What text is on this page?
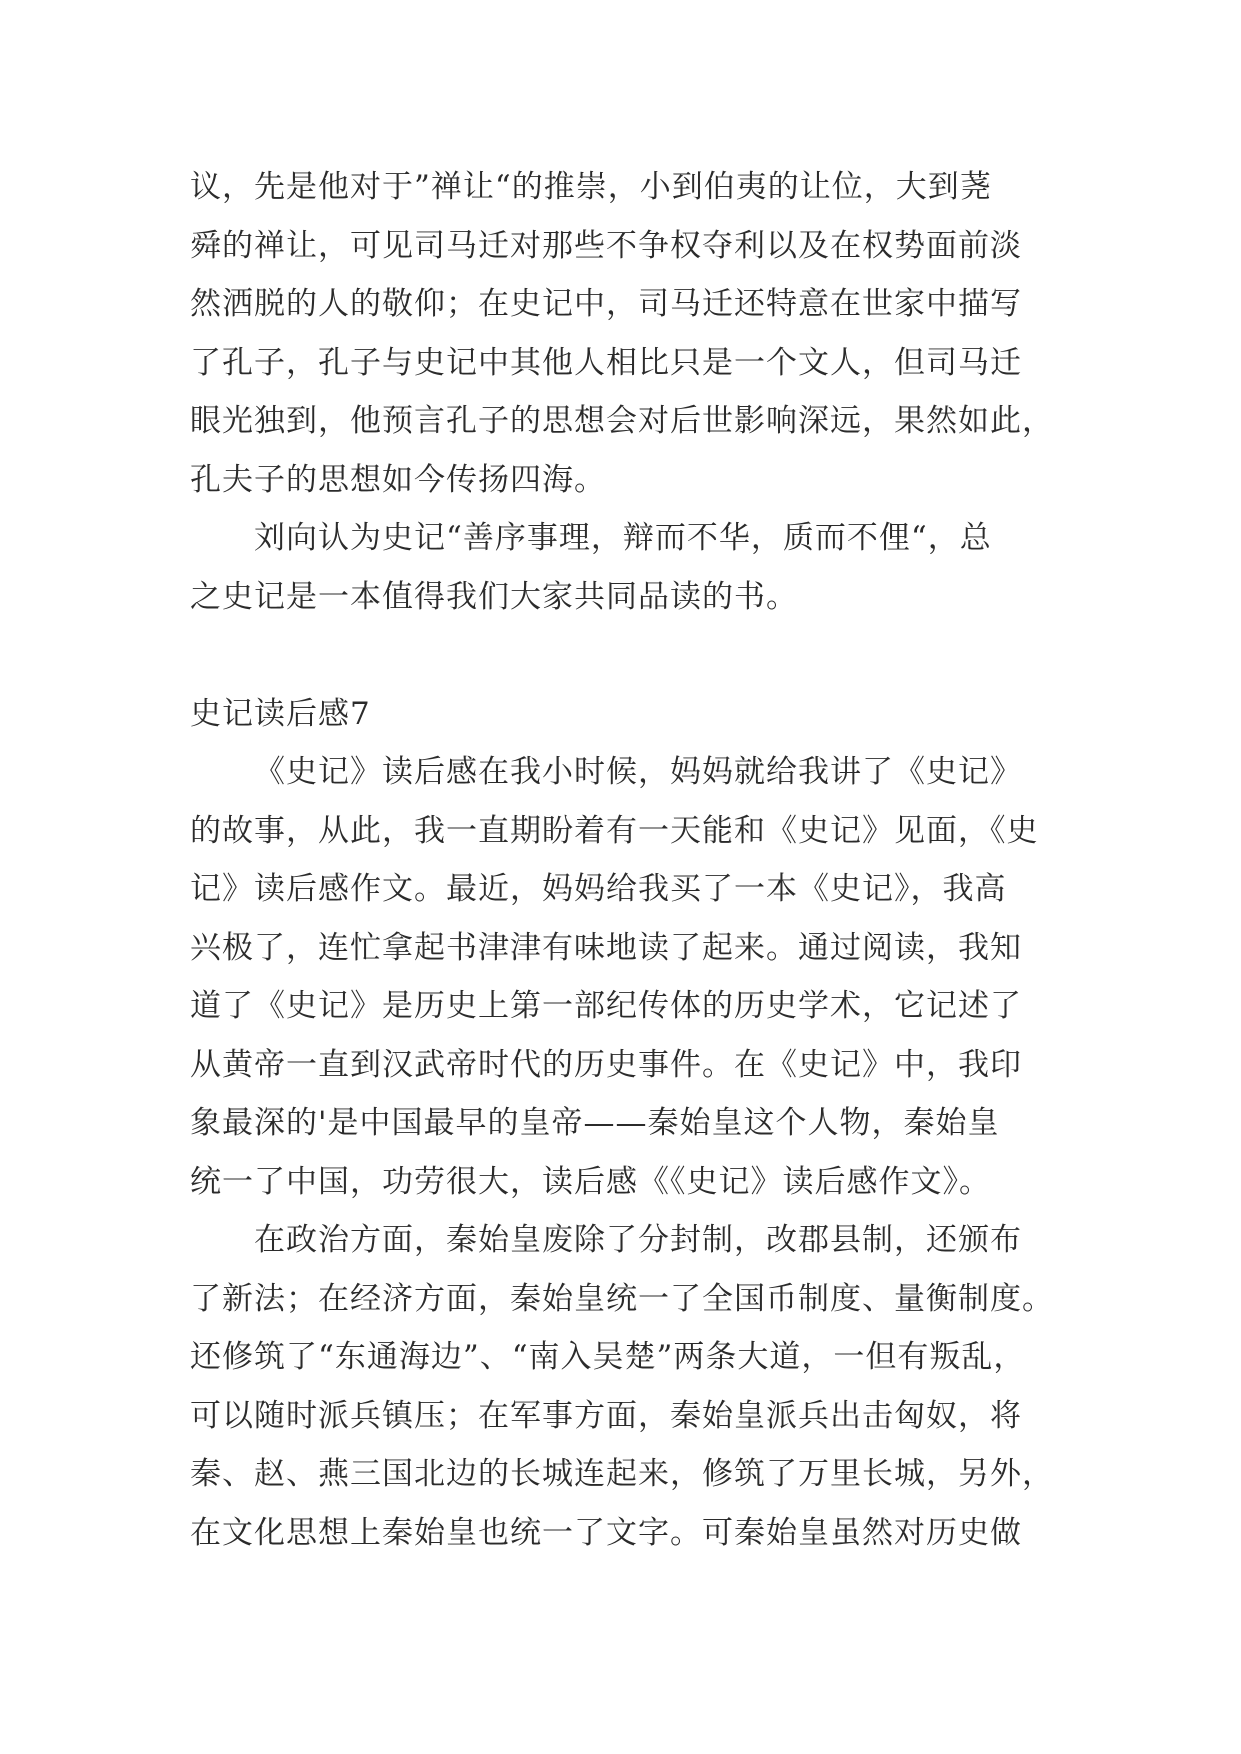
议，先是他对于”禅让“的推崇，小到伯夷的让位，大到荛
舜的禅让，可见司马迁对那些不争权夺利以及在权势面前淡
然洒脱的人的敬仰；在史记中，司马迁还特意在世家中描写
了孔子，孔子与史记中其他人相比只是一个文人，但司马迁
眼光独到，他预言孔子的思想会对后世影响深远，果然如此，
孔夫子的思想如今传扬四海。
刘向认为史记“善序事理，辩而不华，质而不俚“，总
之史记是一本值得我们大家共同品读的书。
史记读后感7
《史记》读后感在我小时候，妈妈就给我讲了《史记》
的故事，从此，我一直期盼着有一天能和《史记》见面，《史
记》读后感作文。最近，妈妈给我买了一本《史记》，我高
兴极了，连忙拿起书津津有味地读了起来。通过阅读，我知
道了《史记》是历史上第一部纪传体的历史学术，它记述了
从黄帝一直到汉武帝时代的历史事件。在《史记》中，我印
象最深的'是中国最早的皇帝——秦始皇这个人物，秦始皇
统一了中国，功劳很大，读后感《《史记》读后感作文》。
在政治方面，秦始皇废除了分封制，改郡县制，还颁布
了新法；在经济方面，秦始皇统一了全国币制度、量衡制度。
还修筑了“东通海边”、“南入吴楚”两条大道，一但有叛乱，
可以随时派兵镇压；在军事方面，秦始皇派兵出击匈奴，将
秦、赵、燕三国北边的长城连起来，修筑了万里长城，另外，
在文化思想上秦始皇也统一了文字。可秦始皇虽然对历史做
